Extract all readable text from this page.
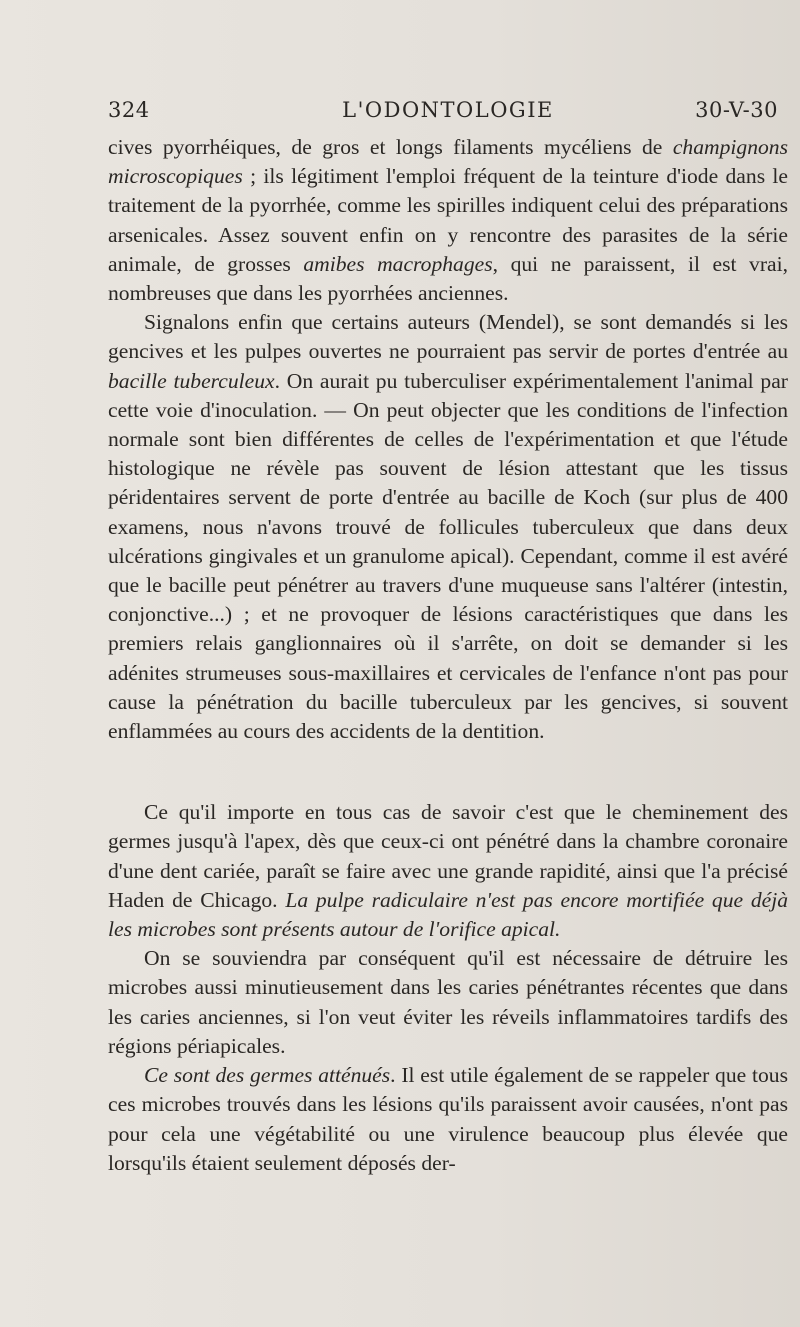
324	L'ODONTOLOGIE	30-V-30

cives pyorrhéiques, de gros et longs filaments mycéliens de champignons microscopiques ; ils légitiment l'emploi fréquent de la teinture d'iode dans le traitement de la pyorrhée, comme les spirilles indiquent celui des préparations arsenicales. Assez souvent enfin on y rencontre des parasites de la série animale, de grosses amibes macrophages, qui ne paraissent, il est vrai, nombreuses que dans les pyorrhées anciennes.

Signalons enfin que certains auteurs (Mendel), se sont demandés si les gencives et les pulpes ouvertes ne pourraient pas servir de portes d'entrée au bacille tuberculeux. On aurait pu tuberculiser expérimentalement l'animal par cette voie d'inoculation. — On peut objecter que les conditions de l'infection normale sont bien différentes de celles de l'expérimentation et que l'étude histologique ne révèle pas souvent de lésion attestant que les tissus péridentaires servent de porte d'entrée au bacille de Koch (sur plus de 400 examens, nous n'avons trouvé de follicules tuberculeux que dans deux ulcérations gingivales et un granulome apical). Cependant, comme il est avéré que le bacille peut pénétrer au travers d'une muqueuse sans l'altérer (intestin, conjonctive...) ; et ne provoquer de lésions caractéristiques que dans les premiers relais ganglionnaires où il s'arrête, on doit se demander si les adénites strumeuses sous-maxillaires et cervicales de l'enfance n'ont pas pour cause la pénétration du bacille tuberculeux par les gencives, si souvent enflammées au cours des accidents de la dentition.

Ce qu'il importe en tous cas de savoir c'est que le cheminement des germes jusqu'à l'apex, dès que ceux-ci ont pénétré dans la chambre coronaire d'une dent cariée, paraît se faire avec une grande rapidité, ainsi que l'a précisé Haden de Chicago. La pulpe radiculaire n'est pas encore mortifiée que déjà les microbes sont présents autour de l'orifice apical.

On se souviendra par conséquent qu'il est nécessaire de détruire les microbes aussi minutieusement dans les caries pénétrantes récentes que dans les caries anciennes, si l'on veut éviter les réveils inflammatoires tardifs des régions périapicales.

Ce sont des germes atténués. Il est utile également de se rappeler que tous ces microbes trouvés dans les lésions qu'ils paraissent avoir causées, n'ont pas pour cela une végétabilité ou une virulence beaucoup plus élevée que lorsqu'ils étaient seulement déposés der-
